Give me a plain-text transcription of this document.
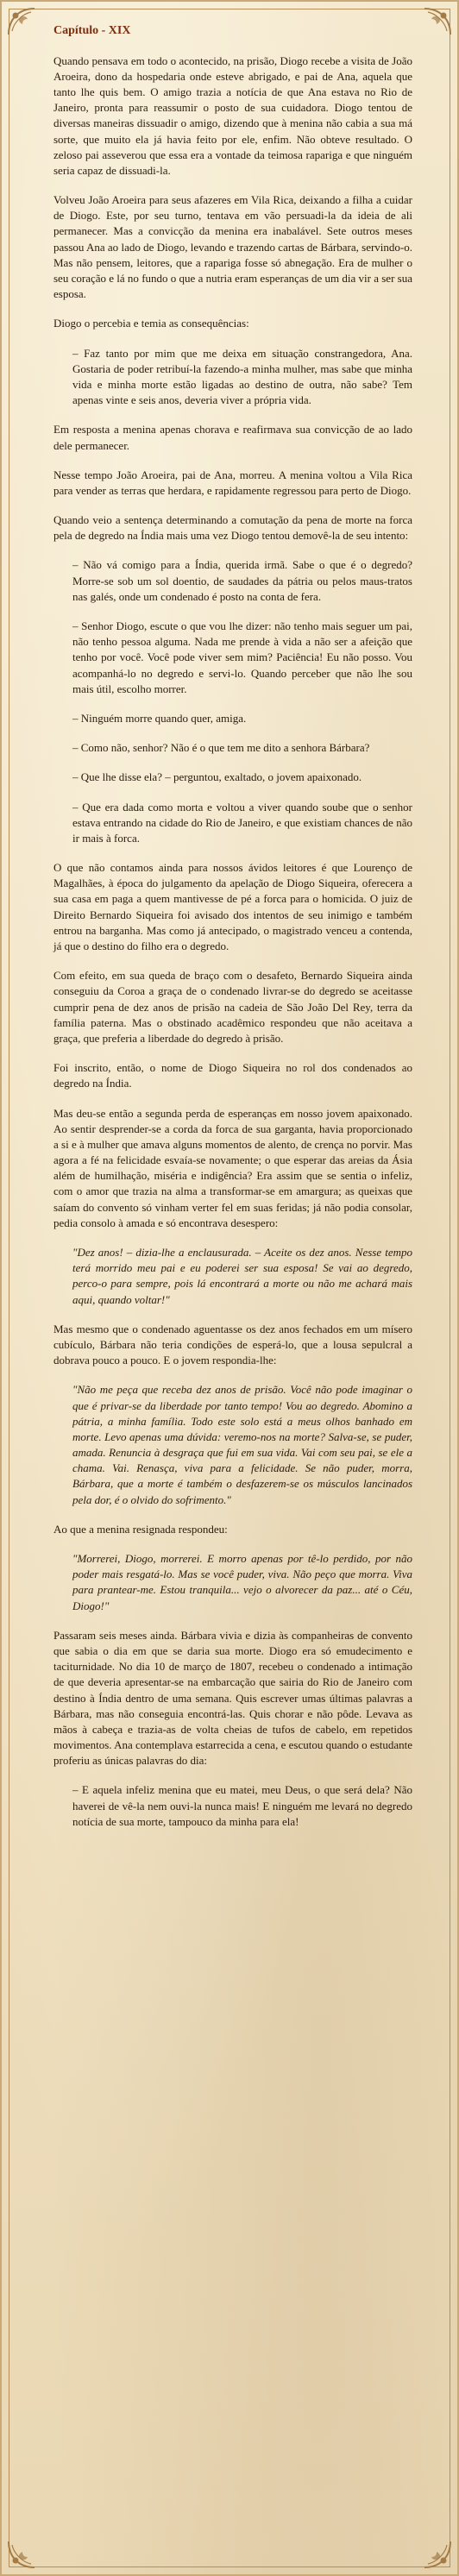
Capítulo - XIX

Quando pensava em todo o acontecido, na prisão, Diogo recebe a visita de João Aroeira, dono da hospedaria onde esteve abrigado, e pai de Ana, aquela que tanto lhe quis bem. O amigo trazia a notícia de que Ana estava no Rio de Janeiro, pronta para reassumir o posto de sua cuidadora. Diogo tentou de diversas maneiras dissuadir o amigo, dizendo que à menina não cabia a sua má sorte, que muito ela já havia feito por ele, enfim. Não obteve resultado. O zeloso pai asseverou que essa era a vontade da teimosa rapariga e que ninguém seria capaz de dissuadi-la.

Volveu João Aroeira para seus afazeres em Vila Rica, deixando a filha a cuidar de Diogo. Este, por seu turno, tentava em vão persuadi-la da ideia de ali permanecer. Mas a convicção da menina era inabalável. Sete outros meses passou Ana ao lado de Diogo, levando e trazendo cartas de Bárbara, servindo-o. Mas não pensem, leitores, que a rapariga fosse só abnegação. Era de mulher o seu coração e lá no fundo o que a nutria eram esperanças de um dia vir a ser sua esposa.

Diogo o percebia e temia as consequências:

– Faz tanto por mim que me deixa em situação constrangedora, Ana. Gostaria de poder retribuí-la fazendo-a minha mulher, mas sabe que minha vida e minha morte estão ligadas ao destino de outra, não sabe? Tem apenas vinte e seis anos, deveria viver a própria vida.

Em resposta a menina apenas chorava e reafirmava sua convicção de ao lado dele permanecer.

Nesse tempo João Aroeira, pai de Ana, morreu. A menina voltou a Vila Rica para vender as terras que herdara, e rapidamente regressou para perto de Diogo.

Quando veio a sentença determinando a comutação da pena de morte na forca pela de degredo na Índia mais uma vez Diogo tentou demovê-la de seu intento:

– Não vá comigo para a Índia, querida irmã. Sabe o que é o degredo? Morre-se sob um sol doentio, de saudades da pátria ou pelos maus-tratos nas galés, onde um condenado é posto na conta de fera.

– Senhor Diogo, escute o que vou lhe dizer: não tenho mais seguer um pai, não tenho pessoa alguma. Nada me prende à vida a não ser a afeição que tenho por você. Você pode viver sem mim? Paciência! Eu não posso. Vou acompanhá-lo no degredo e servi-lo. Quando perceber que não lhe sou mais útil, escolho morrer.

– Ninguém morre quando quer, amiga.

– Como não, senhor? Não é o que tem me dito a senhora Bárbara?

– Que lhe disse ela? – perguntou, exaltado, o jovem apaixonado.

– Que era dada como morta e voltou a viver quando soube que o senhor estava entrando na cidade do Rio de Janeiro, e que existiam chances de não ir mais à forca.

O que não contamos ainda para nossos ávidos leitores é que Lourenço de Magalhães, à época do julgamento da apelação de Diogo Siqueira, oferecera a sua casa em paga a quem mantivesse de pé a forca para o homicida. O juiz de Direito Bernardo Siqueira foi avisado dos intentos de seu inimigo e também entrou na barganha. Mas como já antecipado, o magistrado venceu a contenda, já que o destino do filho era o degredo.

Com efeito, em sua queda de braço com o desafeto, Bernardo Siqueira ainda conseguiu da Coroa a graça de o condenado livrar-se do degredo se aceitasse cumprir pena de dez anos de prisão na cadeia de São João Del Rey, terra da família paterna. Mas o obstinado acadêmico respondeu que não aceitava a graça, que preferia a liberdade do degredo à prisão.

Foi inscrito, então, o nome de Diogo Siqueira no rol dos condenados ao degredo na Índia.

Mas deu-se então a segunda perda de esperanças em nosso jovem apaixonado. Ao sentir desprender-se a corda da forca de sua garganta, havia proporcionado a si e à mulher que amava alguns momentos de alento, de crença no porvir. Mas agora a fé na felicidade esvaía-se novamente; o que esperar das areias da Ásia além de humilhação, miséria e indigência? Era assim que se sentia o infeliz, com o amor que trazia na alma a transformar-se em amargura; as queixas que saíam do convento só vinham verter fel em suas feridas; já não podia consolar, pedia consolo à amada e só encontrava desespero:

"Dez anos! – dizia-lhe a enclausurada. – Aceite os dez anos. Nesse tempo terá morrido meu pai e eu poderei ser sua esposa! Se vai ao degredo, perco-o para sempre, pois lá encontrará a morte ou não me achará mais aqui, quando voltar!"

Mas mesmo que o condenado aguentasse os dez anos fechados em um mísero cubículo, Bárbara não teria condições de esperá-lo, que a lousa sepulcral a dobrava pouco a pouco. E o jovem respondia-lhe:

"Não me peça que receba dez anos de prisão. Você não pode imaginar o que é privar-se da liberdade por tanto tempo! Vou ao degredo. Abomino a pátria, a minha família. Todo este solo está a meus olhos banhado em morte. Levo apenas uma dúvida: veremo-nos na morte? Salva-se, se puder, amada. Renuncia à desgraça que fui em sua vida. Vai com seu pai, se ele a chama. Vai. Renasça, viva para a felicidade. Se não puder, morra, Bárbara, que a morte é também o desfazerem-se os músculos lancinados pela dor, é o olvido do sofrimento."

Ao que a menina resignada respondeu:

"Morrerei, Diogo, morrerei. E morro apenas por tê-lo perdido, por não poder mais resgatá-lo. Mas se você puder, viva. Não peço que morra. Viva para prantear-me. Estou tranquila... vejo o alvorecer da paz... até o Céu, Diogo!"

Passaram seis meses ainda. Bárbara vivia e dizia às companheiras de convento que sabia o dia em que se daria sua morte. Diogo era só emudecimento e taciturnidade. No dia 10 de março de 1807, recebeu o condenado a intimação de que deveria apresentar-se na embarcação que sairia do Rio de Janeiro com destino à Índia dentro de uma semana. Quis escrever umas últimas palavras a Bárbara, mas não conseguia encontrá-las. Quis chorar e não pôde. Levava as mãos à cabeça e trazia-as de volta cheias de tufos de cabelo, em repetidos movimentos. Ana contemplava estarrecida a cena, e escutou quando o estudante proferiu as únicas palavras do dia:

– E aquela infeliz menina que eu matei, meu Deus, o que será dela? Não haverei de vê-la nem ouvi-la nunca mais! E ninguém me levará no degredo notícia de sua morte, tampouco da minha para ela!
